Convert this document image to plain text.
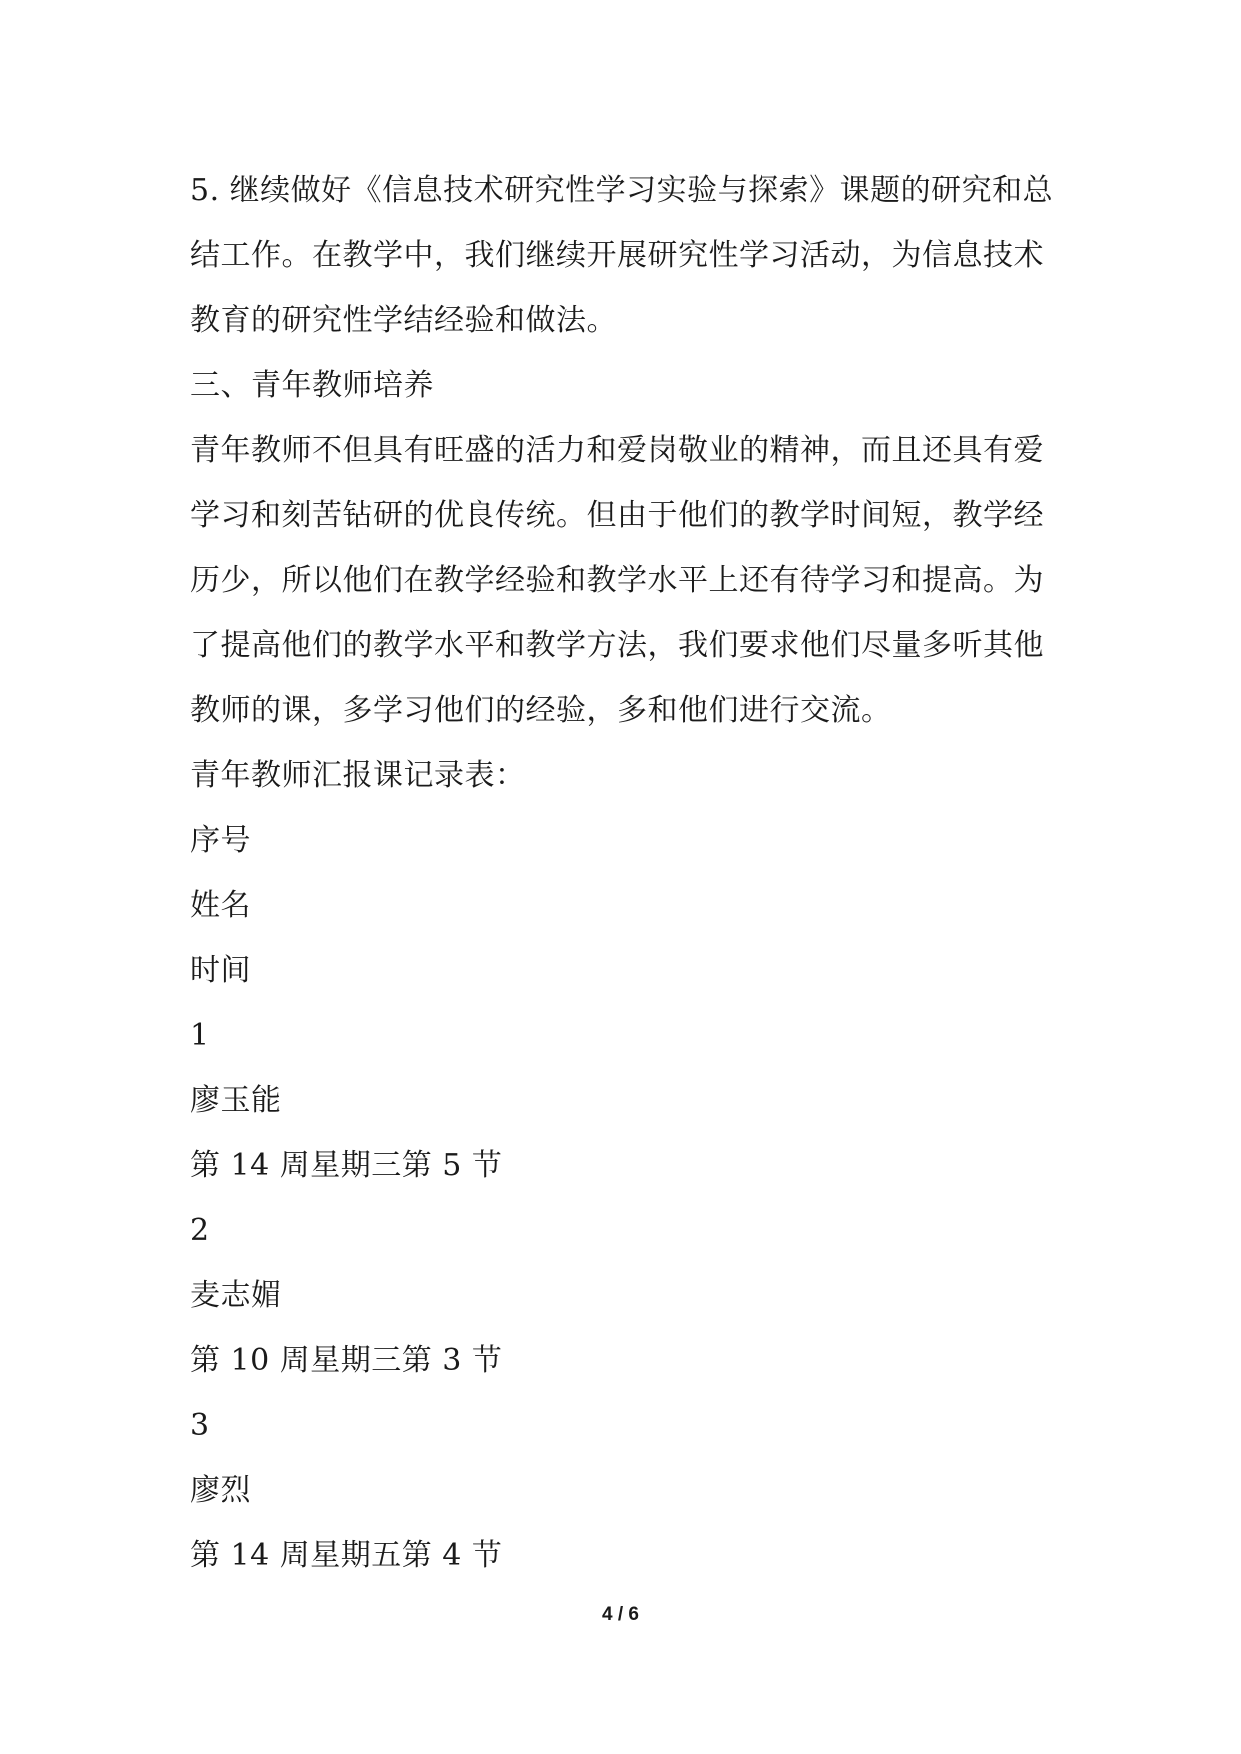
5. 继续做好《信息技术研究性学习实验与探索》课题的研究和总
结工作。在教学中，我们继续开展研究性学习活动，为信息技术
教育的研究性学结经验和做法。
三、青年教师培养
青年教师不但具有旺盛的活力和爱岗敬业的精神，而且还具有爱
学习和刻苦钻研的优良传统。但由于他们的教学时间短，教学经
历少，所以他们在教学经验和教学水平上还有待学习和提高。为
了提高他们的教学水平和教学方法，我们要求他们尽量多听其他
教师的课，多学习他们的经验，多和他们进行交流。
青年教师汇报课记录表：
序号
姓名
时间
1
廖玉能
第 14 周星期三第 5 节
2
麦志媚
第 10 周星期三第 3 节
3
廖烈
第 14 周星期五第 4 节
4 / 6
